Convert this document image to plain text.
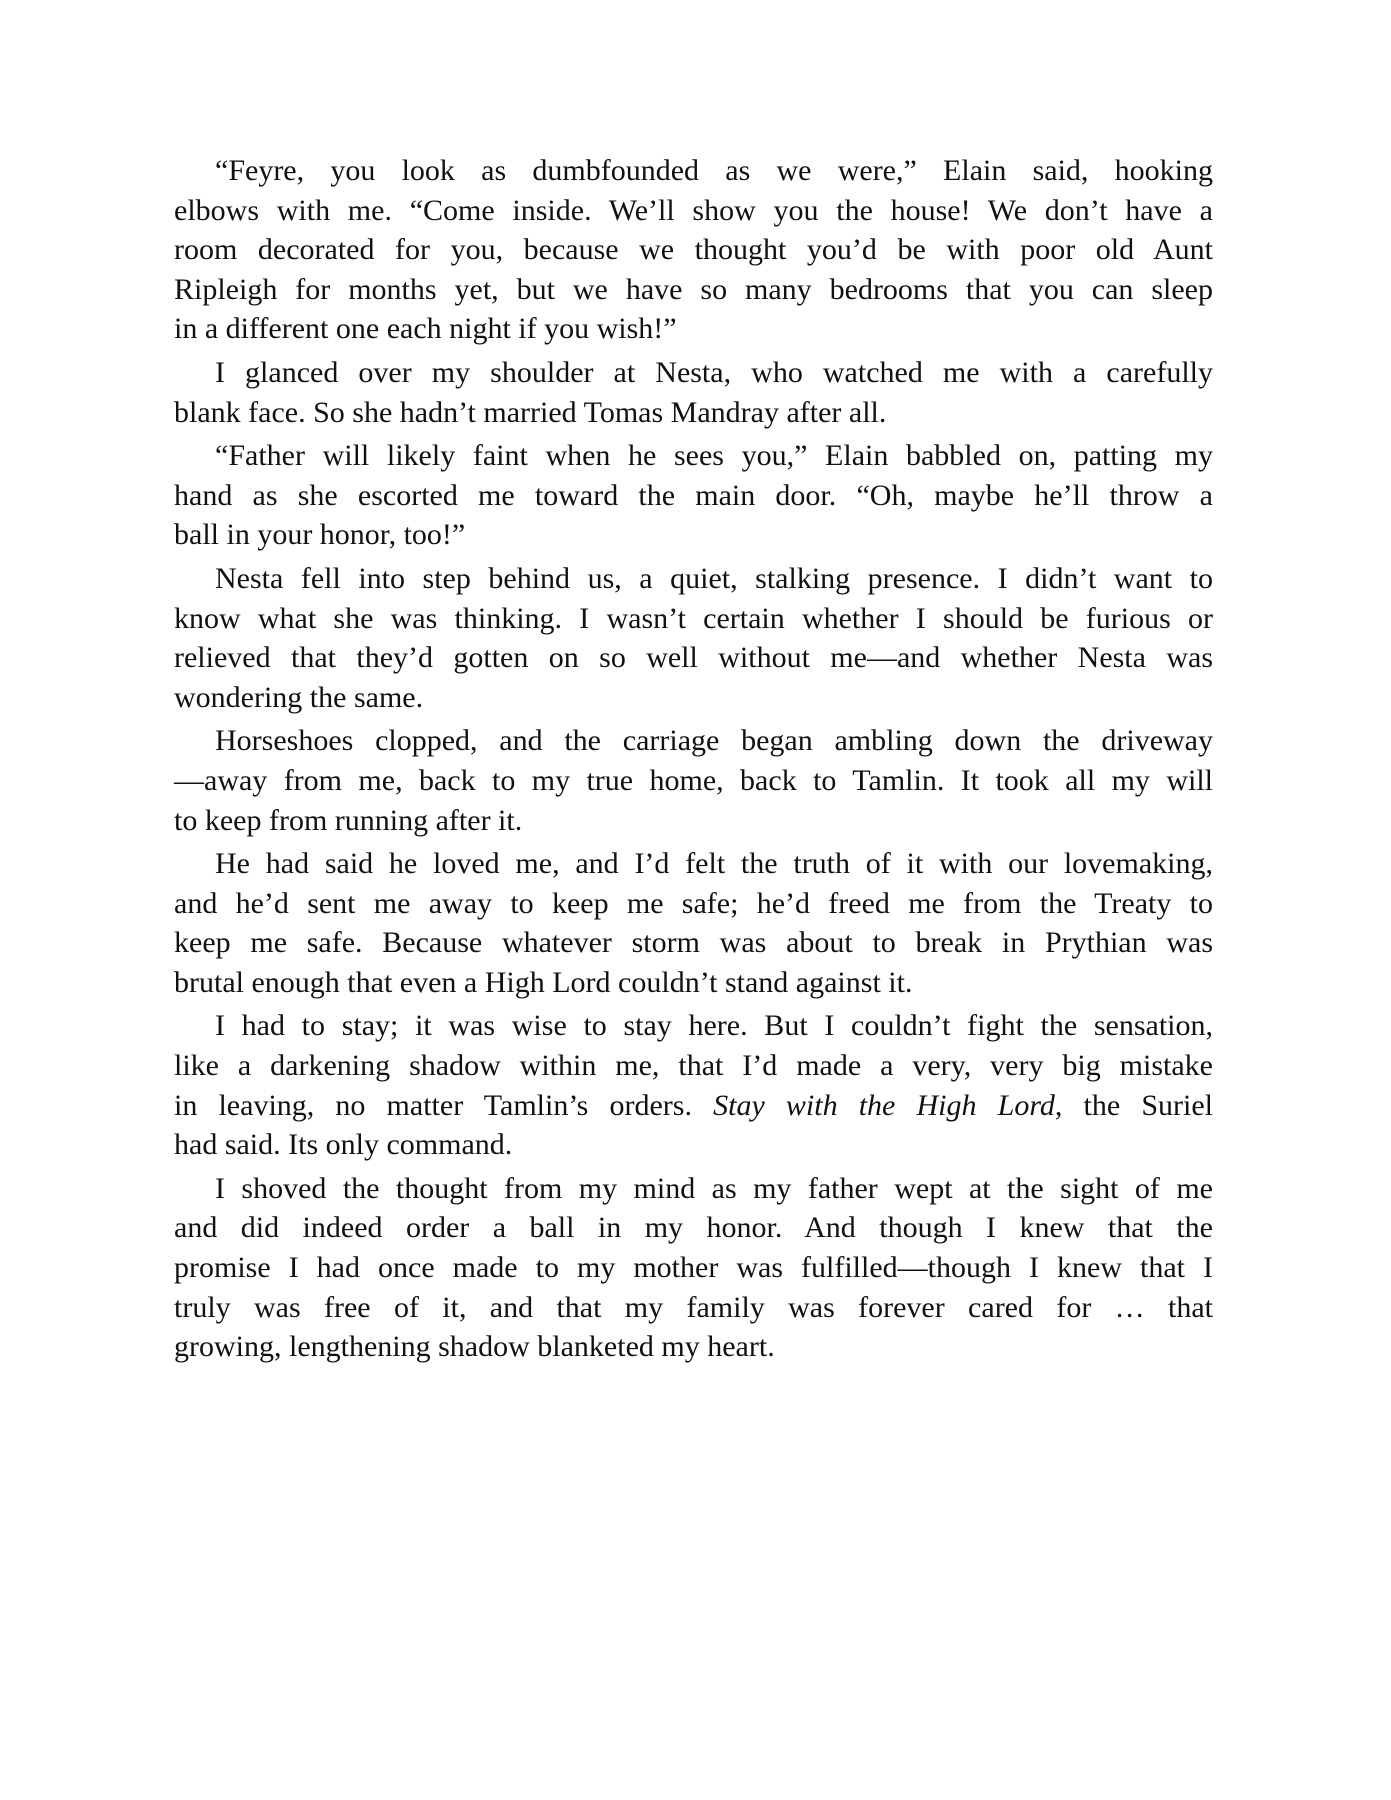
“Feyre, you look as dumbfounded as we were,” Elain said, hooking
elbows with me. “Come inside. We’ll show you the house! We don’t have a
room decorated for you, because we thought you’d be with poor old Aunt
Ripleigh for months yet, but we have so many bedrooms that you can sleep
in a different one each night if you wish!”
I glanced over my shoulder at Nesta, who watched me with a carefully
blank face. So she hadn’t married Tomas Mandray after all.
“Father will likely faint when he sees you,” Elain babbled on, patting my
hand as she escorted me toward the main door. “Oh, maybe he’ll throw a
ball in your honor, too!”
Nesta fell into step behind us, a quiet, stalking presence. I didn’t want to
know what she was thinking. I wasn’t certain whether I should be furious or
relieved that they’d gotten on so well without me—and whether Nesta was
wondering the same.
Horseshoes clopped, and the carriage began ambling down the driveway
—away from me, back to my true home, back to Tamlin. It took all my will
to keep from running after it.
He had said he loved me, and I’d felt the truth of it with our lovemaking,
and he’d sent me away to keep me safe; he’d freed me from the Treaty to
keep me safe. Because whatever storm was about to break in Prythian was
brutal enough that even a High Lord couldn’t stand against it.
I had to stay; it was wise to stay here. But I couldn’t fight the sensation,
like a darkening shadow within me, that I’d made a very, very big mistake
in leaving, no matter Tamlin’s orders. Stay with the High Lord, the Suriel
had said. Its only command.
I shoved the thought from my mind as my father wept at the sight of me
and did indeed order a ball in my honor. And though I knew that the
promise I had once made to my mother was fulfilled—though I knew that I
truly was free of it, and that my family was forever cared for … that
growing, lengthening shadow blanketed my heart.
